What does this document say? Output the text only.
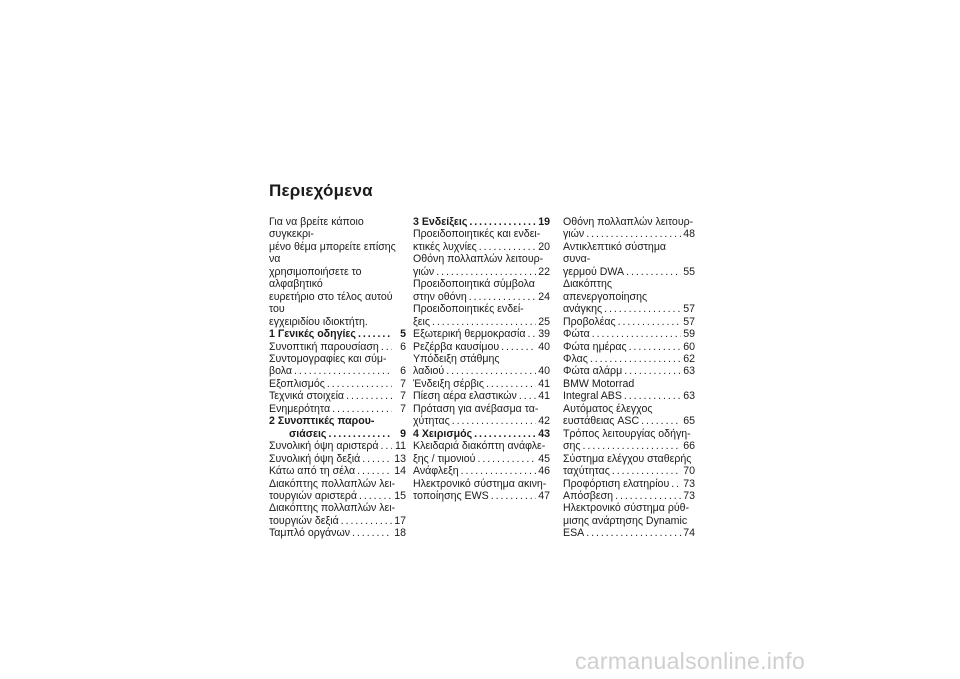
Περιεχόμενα

Για να βρείτε κάποιο συγκεκρι-
μένο θέμα μπορείτε επίσης να
χρησιμοποιήσετε το αλφαβητικό
ευρετήριο στο τέλος αυτού του
εγχειριδίου ιδιοκτήτη.

1 Γενικές οδηγίες . . .	5
Συνοπτική παρουσίαση . . .	6
Συντομογραφίες και σύμ-
βολα . . .	6
Εξοπλισμός . . .	7
Τεχνικά στοιχεία . . .	7
Ενημερότητα . . .	7
2 Συνοπτικές παρου-
σιάσεις . . .	9
Συνολική όψη αριστερά . . . 11
Συνολική όψη δεξιά . . .	13
Κάτω από τη σέλα . . .	14
Διακόπτης πολλαπλών λει-
τουργιών αριστερά . . .	15
Διακόπτης πολλαπλών λει-
τουργιών δεξιά . . .	17
Ταμπλό οργάνων . . .	18
3 Ενδείξεις . . .	19
Προειδοποιητικές και ενδει-
κτικές λυχνίες . . .	20
Οθόνη πολλαπλών λειτουρ-
γιών . . .	22
Προειδοποιητικά σύμβολα
στην οθόνη . . .	24
Προειδοποιητικές ενδεί-
ξεις . . .	25
Εξωτερική θερμοκρασία . . . 39
Ρεζέρβα καυσίμου . . .	40
Υπόδειξη στάθμης
λαδιού . . .	40
Ένδειξη σέρβις . . .	41
Πίεση αέρα ελαστικών . . . 41
Πρόταση για ανέβασμα τα-
χύτητας . . .	42
4 Χειρισμός . . .	43
Κλειδαριά διακόπτη ανάφλε-
ξης / τιμονιού . . .	45
Ανάφλεξη . . .	46
Ηλεκτρονικό σύστημα ακινη-
τοποίησης EWS . . .	47
Οθόνη πολλαπλών λειτουρ-
γιών . . .	48
Αντικλεπτικό σύστημα συνα-
γερμού DWA . . .	55
Διακόπτης απενεργοποίησης
ανάγκης . . .	57
Προβολέας . . .	57
Φώτα . . .	59
Φώτα ημέρας . . .	60
Φλας . . .	62
Φώτα αλάρμ . . .	63
BMW Motorrad
Integral ABS . . .	63
Αυτόματος έλεγχος
ευστάθειας ASC . . .	65
Τρόπος λειτουργίας οδήγη-
σης . . .	66
Σύστημα ελέγχου σταθερής
ταχύτητας . . .	70
Προφόρτιση ελατηρίου . . . 73
Απόσβεση . . .	73
Ηλεκτρονικό σύστημα ρύθ-
μισης ανάρτησης Dynamic
ESA . . .	74
carmanualsonline.info
